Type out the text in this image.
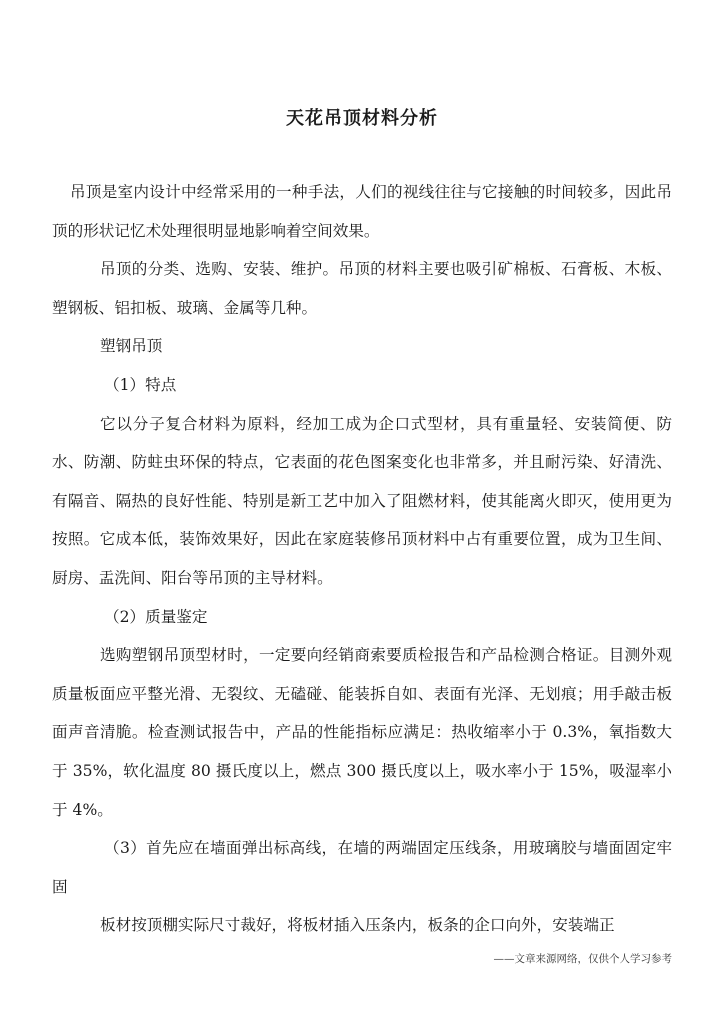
天花吊顶材料分析

吊顶是室内设计中经常采用的一种手法，人们的视线往往与它接触的时间较多，因此吊顶的形状记忆术处理很明显地影响着空间效果。

吊顶的分类、选购、安装、维护。吊顶的材料主要也吸引矿棉板、石膏板、木板、塑钢板、铝扣板、玻璃、金属等几种。

塑钢吊顶

（1）特点

它以分子复合材料为原料，经加工成为企口式型材，具有重量轻、安装简便、防水、防潮、防蛀虫环保的特点，它表面的花色图案变化也非常多，并且耐污染、好清洗、有隔音、隔热的良好性能、特别是新工艺中加入了阻燃材料，使其能离火即灭，使用更为按照。它成本低，装饰效果好，因此在家庭装修吊顶材料中占有重要位置，成为卫生间、厨房、盂洗间、阳台等吊顶的主导材料。

（2）质量鉴定

选购塑钢吊顶型材时，一定要向经销商索要质检报告和产品检测合格证。目测外观质量板面应平整光滑、无裂纹、无磕碰、能装拆自如、表面有光泽、无划痕；用手敲击板面声音清脆。检查测试报告中，产品的性能指标应满足：热收缩率小于 0.3%，氧指数大于 35%，软化温度 80 摄氏度以上，燃点 300 摄氏度以上，吸水率小于 15%，吸湿率小于 4%。

（3）首先应在墙面弹出标高线，在墙的两端固定压线条，用玻璃胶与墙面固定牢固

板材按顶棚实际尺寸裁好，将板材插入压条内，板条的企口向外，安装端正

——文章来源网络，仅供个人学习参考
